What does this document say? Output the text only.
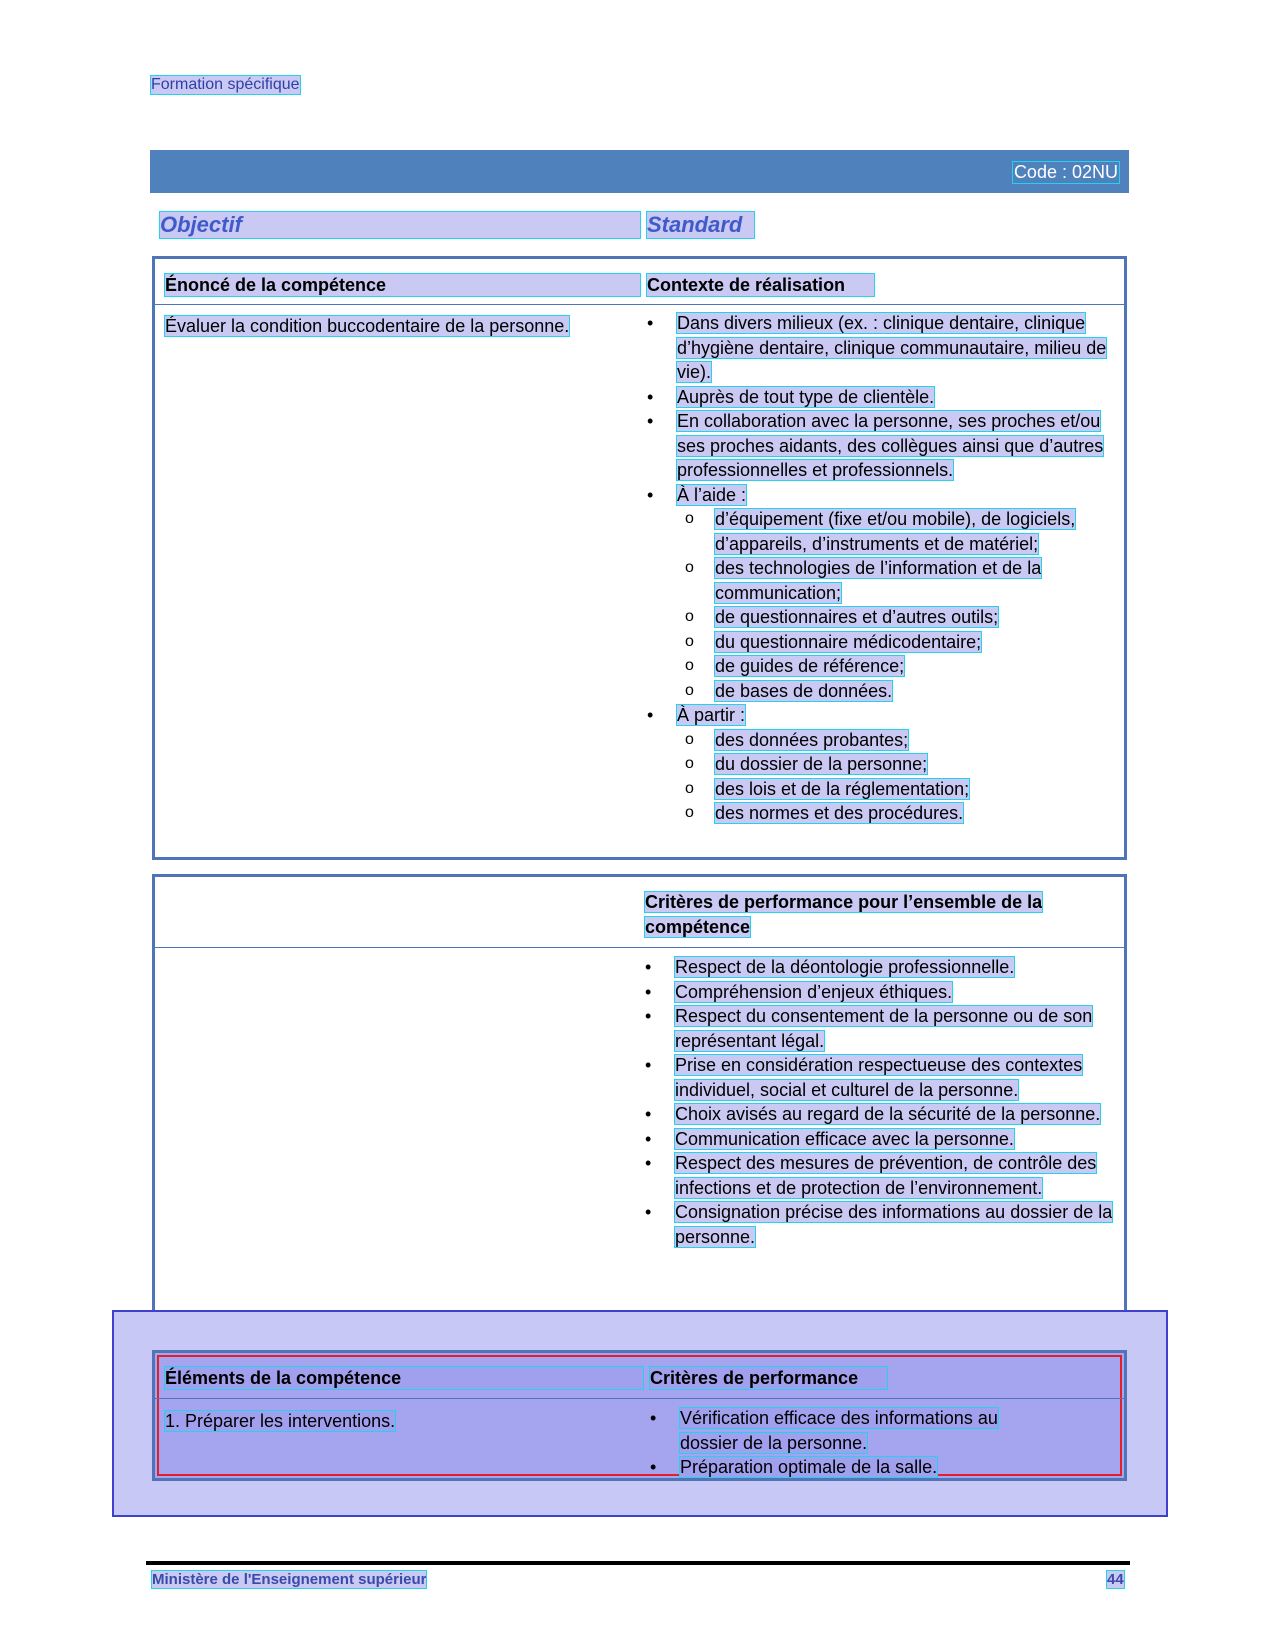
Formation spécifique
Code : 02NU
Objectif	Standard
Énoncé de la compétence	Contexte de réalisation
Évaluer la condition buccodentaire de la personne.	• Dans divers milieux (ex. : clinique dentaire, clinique d’hygiène dentaire, clinique communautaire, milieu de vie).
• Auprès de tout type de clientèle.
• En collaboration avec la personne, ses proches et/ou ses proches aidants, des collègues ainsi que d’autres professionnelles et professionnels.
• À l’aide :
o d’équipement (fixe et/ou mobile), de logiciels, d’appareils, d’instruments et de matériel;
o des technologies de l’information et de la communication;
o de questionnaires et d’autres outils;
o du questionnaire médicodentaire;
o de guides de référence;
o de bases de données.
• À partir :
o des données probantes;
o du dossier de la personne;
o des lois et de la réglementation;
o des normes et des procédures.
Critères de performance pour l’ensemble de la compétence
• Respect de la déontologie professionnelle.
• Compréhension d’enjeux éthiques.
• Respect du consentement de la personne ou de son représentant légal.
• Prise en considération respectueuse des contextes individuel, social et culturel de la personne.
• Choix avisés au regard de la sécurité de la personne.
• Communication efficace avec la personne.
• Respect des mesures de prévention, de contrôle des infections et de protection de l’environnement.
• Consignation précise des informations au dossier de la personne.
Éléments de la compétence	Critères de performance
1. Préparer les interventions.	• Vérification efficace des informations au dossier de la personne.
• Préparation optimale de la salle.
Ministère de l'Enseignement supérieur	44
